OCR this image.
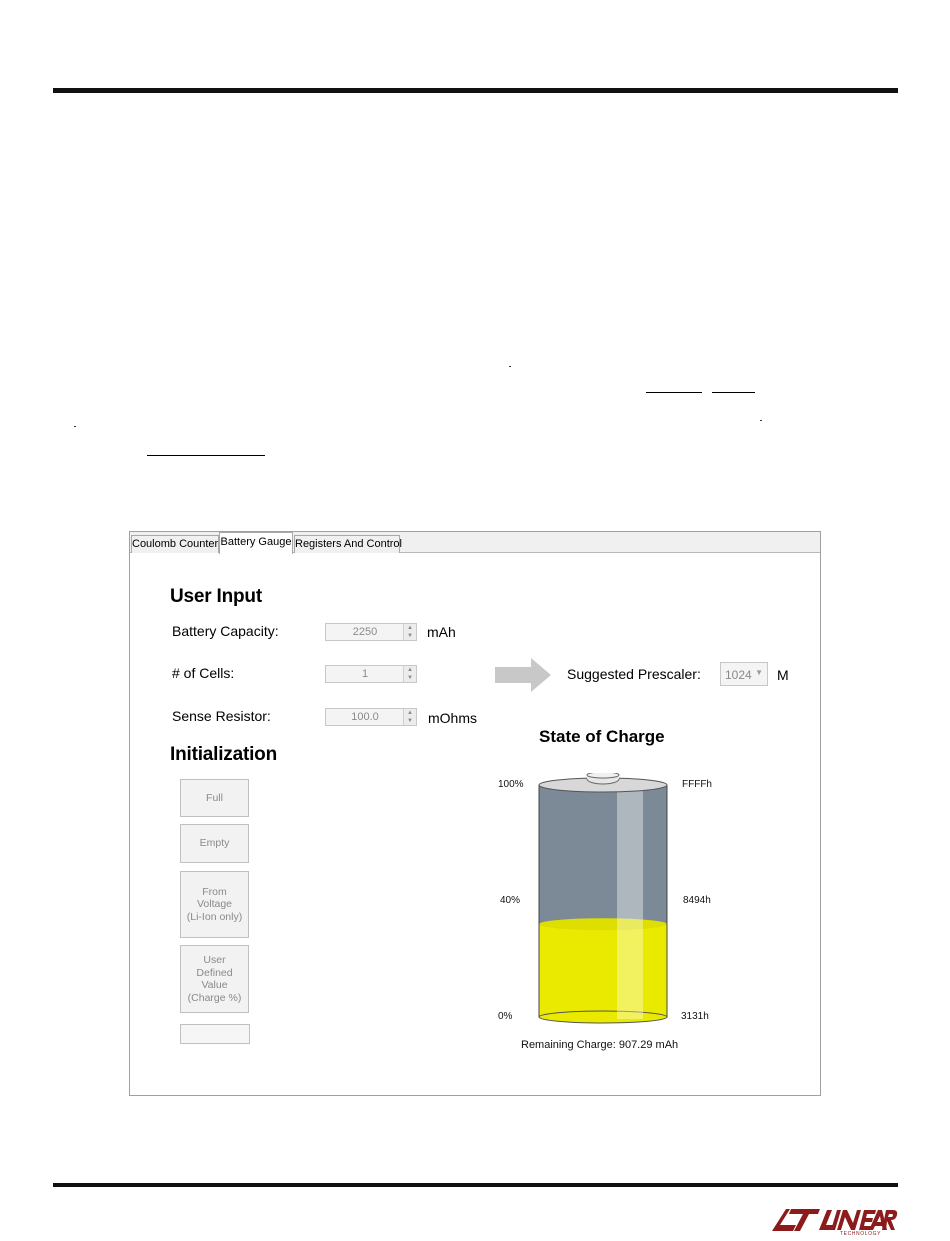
Coulomb Counter Battery Gauge Registers And Control
User Input
Battery Capacity:
2250	▲
▼ mAh
# of Cells:
1	▲
▼
Sense Resistor:
100.0	▲
▼ mOhms
Suggested Prescaler: 1024 ▼ M
Initialization
Full
Empty
From
Voltage
(Li-Ion only)
User
Defined
Value
(Charge %)
State of Charge
100%
40%
0%
FFFFh
8494h
3131h
Remaining Charge: 907.29 mAh
TECHNOLOGY
